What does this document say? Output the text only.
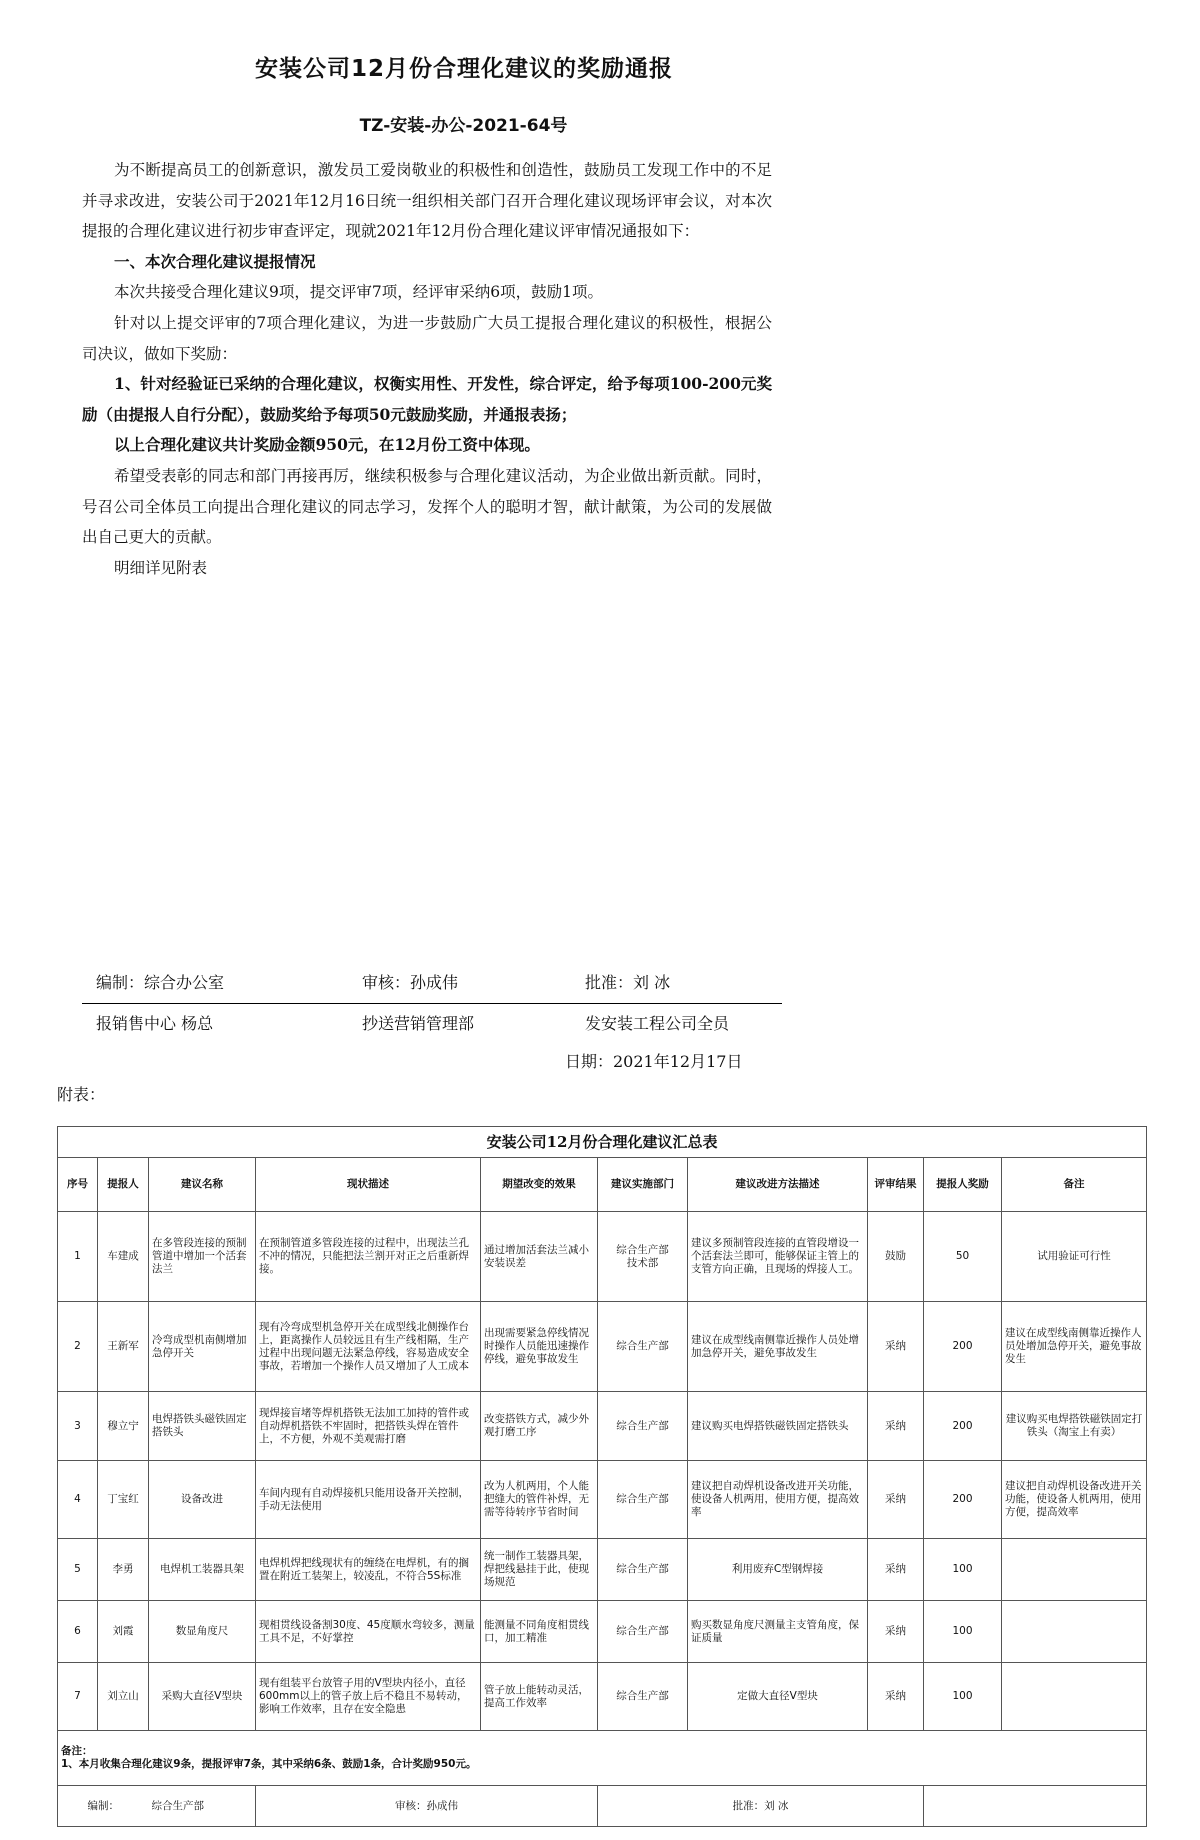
安装公司12月份合理化建议的奖励通报
TZ-安装-办公-2021-64号

为不断提高员工的创新意识，激发员工爱岗敬业的积极性和创造性，鼓励员工发现工作中的不足并寻求改进，安装公司于2021年12月16日统一组织相关部门召开合理化建议现场评审会议，对本次提报的合理化建议进行初步审查评定，现就2021年12月份合理化建议评审情况通报如下：

一、本次合理化建议提报情况

本次共接受合理化建议9项，提交评审7项，经评审采纳6项，鼓励1项。

针对以上提交评审的7项合理化建议，为进一步鼓励广大员工提报合理化建议的积极性，根据公司决议，做如下奖励：

1、针对经验证已采纳的合理化建议，权衡实用性、开发性，综合评定，给予每项100-200元奖励（由提报人自行分配），鼓励奖给予每项50元鼓励奖励，并通报表扬；

以上合理化建议共计奖励金额950元，在12月份工资中体现。

希望受表彰的同志和部门再接再厉，继续积极参与合理化建议活动，为企业做出新贡献。同时，号召公司全体员工向提出合理化建议的同志学习，发挥个人的聪明才智，献计献策，为公司的发展做出自己更大的贡献。

明细详见附表

编制：综合办公室	审核：孙成伟	批准：刘 冰
报销售中心 杨总	抄送营销管理部	发安装工程公司全员
日期：2021年12月17日
附表：
安装公司12月份合理化建议汇总表									
序号	提报人	建议名称	现状描述	期望改变的效果	建议实施部门	建议改进方法描述	评审结果	提报人奖励	备注
1	车建成	在多管段连接的预制管道中增加一个活套法兰	在预制管道多管段连接的过程中，出现法兰孔不冲的情况，只能把法兰割开对正之后重新焊接。	通过增加活套法兰减小安装误差	综合生产部
技术部	建议多预制管段连接的直管段增设一个活套法兰即可，能够保证主管上的支管方向正确，且现场的焊接人工。	鼓励	50	试用验证可行性
2	王新军	冷弯成型机南侧增加急停开关	现有冷弯成型机急停开关在成型线北侧操作台上，距离操作人员较远且有生产线相隔，生产过程中出现问题无法紧急停线，容易造成安全事故，若增加一个操作人员又增加了人工成本	出现需要紧急停线情况时操作人员能迅速操作停线，避免事故发生	综合生产部	建议在成型线南侧靠近操作人员处增加急停开关，避免事故发生	采纳	200	建议在成型线南侧靠近操作人员处增加急停开关，避免事故发生
3	穆立宁	电焊搭铁头磁铁固定搭铁头	现焊接盲堵等焊机搭铁无法加工加持的管件或自动焊机搭铁不牢固时，把搭铁头焊在管件上，不方便，外观不美观需打磨	改变搭铁方式，减少外观打磨工序	综合生产部	建议购买电焊搭铁磁铁固定搭铁头	采纳	200	建议购买电焊搭铁磁铁固定打铁头（淘宝上有卖）
4	丁宝红	设备改进	车间内现有自动焊接机只能用设备开关控制，手动无法使用	改为人机两用，个人能把缝大的管件补焊，无需等待转序节省时间	综合生产部	建议把自动焊机设备改进开关功能，使设备人机两用，使用方便，提高效率	采纳	200	建议把自动焊机设备改进开关功能，使设备人机两用，使用方便，提高效率
5	李勇	电焊机工装器具架	电焊机焊把线现状有的缠绕在电焊机，有的搁置在附近工装架上，较凌乱，不符合5S标准	统一制作工装器具架，焊把线悬挂于此，使现场规范	综合生产部	利用废弃C型钢焊接	采纳	100	
6	刘霞	数显角度尺	现相贯线设备割30度、45度顺水弯较多，测量工具不足，不好掌控	能测量不同角度相贯线口，加工精准	综合生产部	购买数显角度尺测量主支管角度，保证质量	采纳	100	
7	刘立山	采购大直径V型块	现有组装平台放管子用的V型块内径小，直径600mm以上的管子放上后不稳且不易转动，影响工作效率，且存在安全隐患	管子放上能转动灵活，提高工作效率	综合生产部	定做大直径V型块	采纳	100	

备注：
1、本月收集合理化建议9条，提报评审7条，其中采纳6条、鼓励1条，合计奖励950元。									

编制：		综合生产部	审核：孙成伟		批准：刘 冰				
